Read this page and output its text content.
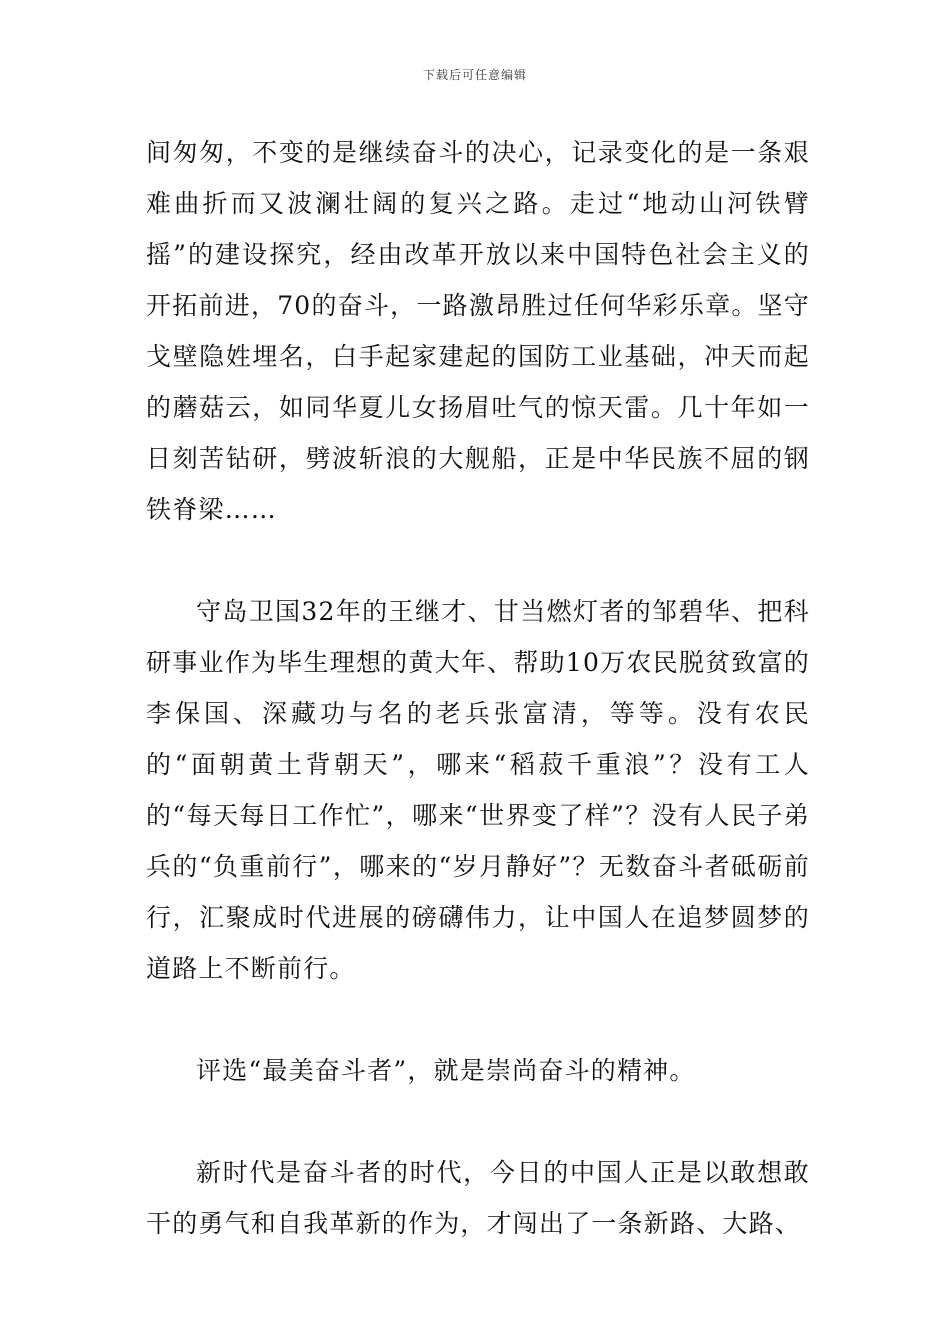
下载后可任意编辑

间匆匆，不变的是继续奋斗的决心，记录变化的是一条艰难曲折而又波澜壮阔的复兴之路。走过“地动山河铁臂摇”的建设探究，经由改革开放以来中国特色社会主义的开拓前进，70的奋斗，一路激昂胜过任何华彩乐章。坚守戈壁隐姓埋名，白手起家建起的国防工业基础，冲天而起的蘑菇云，如同华夏儿女扬眉吐气的惊天雷。几十年如一日刻苦钻研，劈波斩浪的大舰船，正是中华民族不屈的钢铁脊梁……

守岛卫国32年的王继才、甘当燃灯者的邹碧华、把科研事业作为毕生理想的黄大年、帮助10万农民脱贫致富的李保国、深藏功与名的老兵张富清，等等。没有农民的“面朝黄土背朝天”，哪来“稻菽千重浪”？没有工人的“每天每日工作忙”，哪来“世界变了样”？没有人民子弟兵的“负重前行”，哪来的“岁月静好”？无数奋斗者砥砺前行，汇聚成时代进展的磅礴伟力，让中国人在追梦圆梦的道路上不断前行。

评选“最美奋斗者”，就是崇尚奋斗的精神。

新时代是奋斗者的时代，今日的中国人正是以敢想敢干的勇气和自我革新的作为，才闯出了一条新路、大路、
